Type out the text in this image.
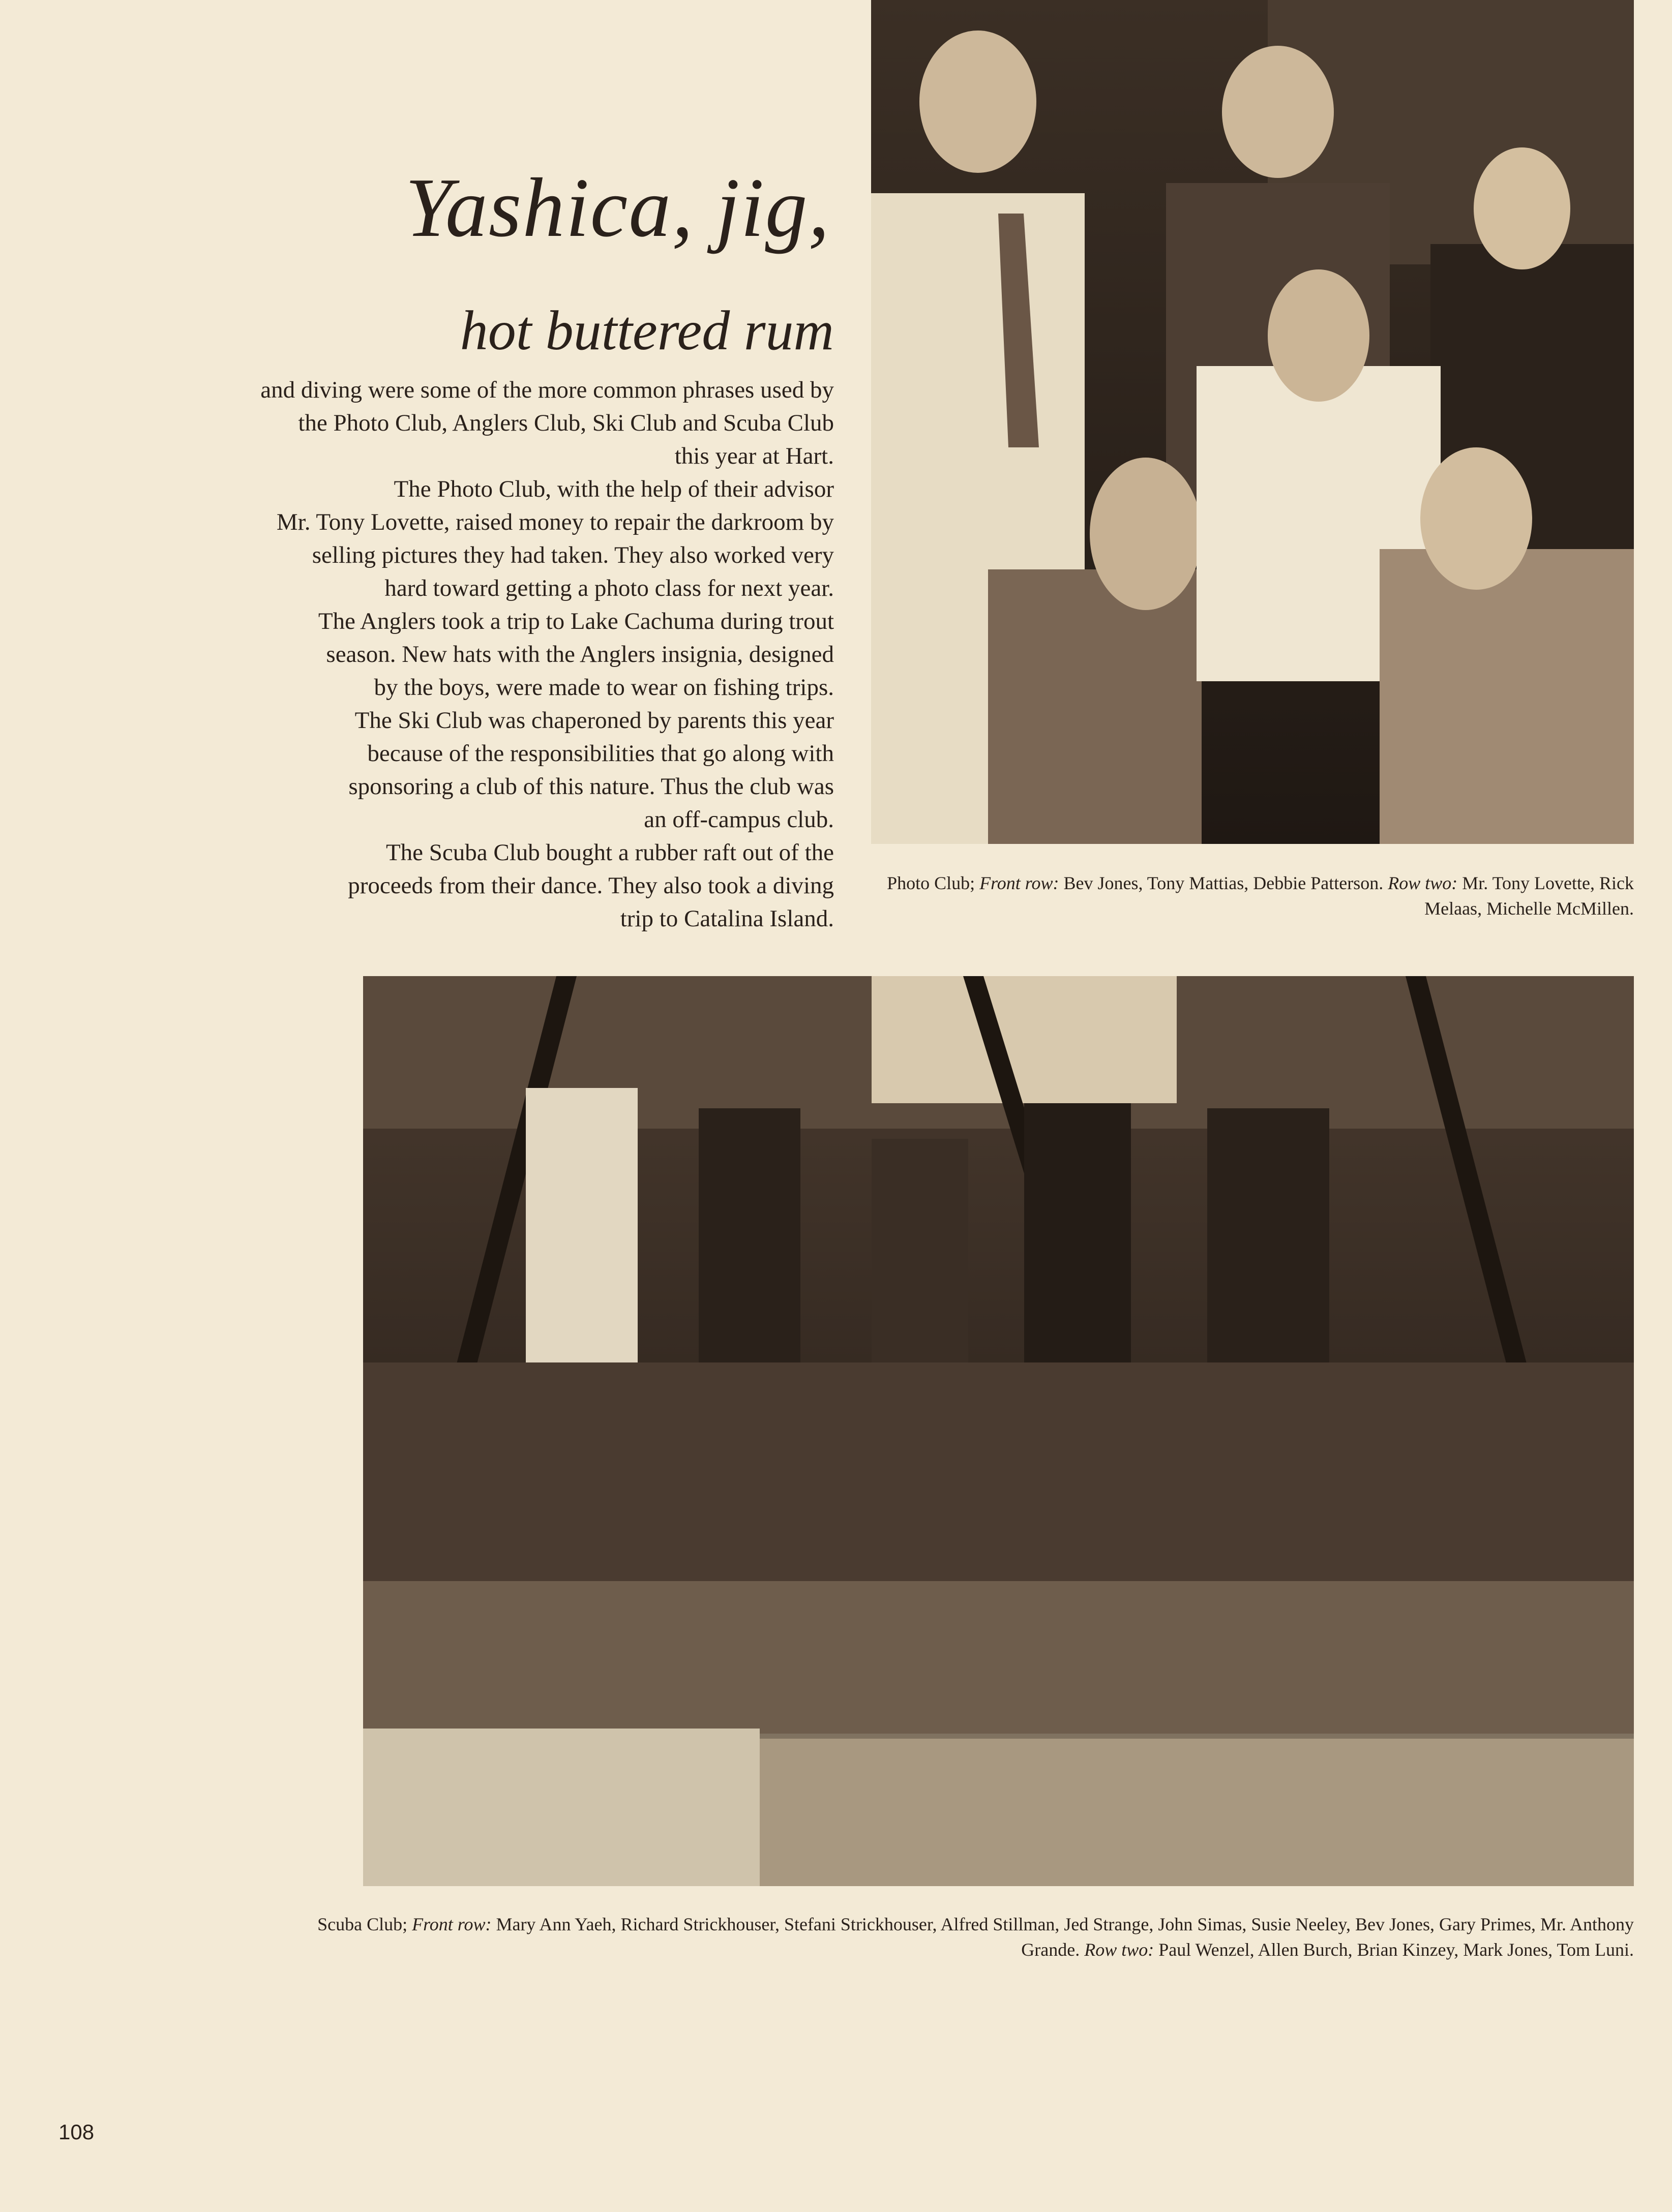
Yashica, jig,
hot buttered rum

and diving were some of the more common phrases used by

the Photo Club, Anglers Club, Ski Club and Scuba Club

this year at Hart.

The Photo Club, with the help of their advisor

Mr. Tony Lovette, raised money to repair the darkroom by

selling pictures they had taken. They also worked very

hard toward getting a photo class for next year.

The Anglers took a trip to Lake Cachuma during trout

season. New hats with the Anglers insignia, designed

by the boys, were made to wear on fishing trips.

The Ski Club was chaperoned by parents this year

because of the responsibilities that go along with

sponsoring a club of this nature. Thus the club was

an off-campus club.

The Scuba Club bought a rubber raft out of the

proceeds from their dance. They also took a diving

trip to Catalina Island.

Photo Club; Front row: Bev Jones, Tony Mattias, Debbie Patterson. Row two: Mr. Tony Lovette, Rick Melaas, Michelle McMillen.
Scuba Club; Front row: Mary Ann Yaeh, Richard Strickhouser, Stefani Strickhouser, Alfred Stillman, Jed Strange, John Simas, Susie Neeley, Bev Jones, Gary Primes, Mr. Anthony Grande. Row two: Paul Wenzel, Allen Burch, Brian Kinzey, Mark Jones, Tom Luni.
108
